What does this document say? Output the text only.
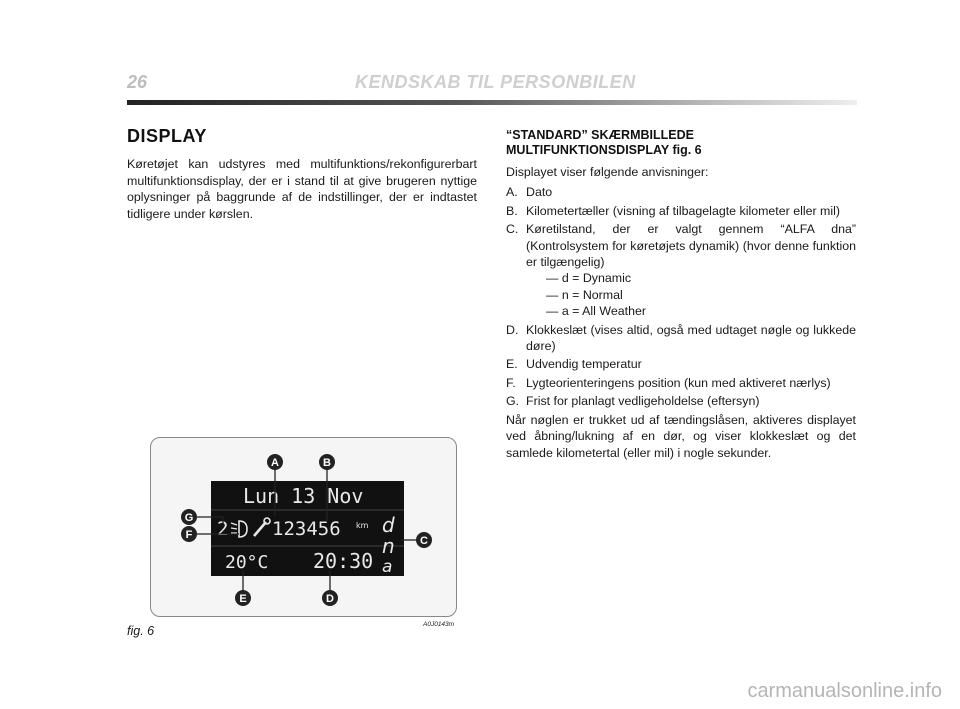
26	KENDSKAB TIL PERSONBILEN
DISPLAY

Køretøjet kan udstyres med multifunktions/rekonfigurerbart multifunktionsdisplay, der er i stand til at give brugeren nyttige oplysninger på baggrunde af de indstillinger, der er indtastet tidligere under kørslen.

“STANDARD” SKÆRMBILLEDE
MULTIFUNKTIONSDISPLAY fig. 6

Displayet viser følgende anvisninger:

A. Dato
B. Kilometertæller (visning af tilbagelagte kilometer eller mil)
C. Køretilstand, der er valgt gennem “ALFA dna” (Kontrolsystem for køretøjets dynamik) (hvor denne funktion er tilgængelig)
— d = Dynamic
— n = Normal
— a = All Weather
D. Klokkeslæt (vises altid, også med udtaget nøgle og lukkede døre)
E. Udvendig temperatur
F. Lygteorienteringens position (kun med aktiveret nærlys)
G. Frist for planlagt vedligeholdelse (eftersyn)

Når nøglen er trukket ud af tændingslåsen, aktiveres displayet ved åbning/lukning af en dør, og viser klokkeslæt og det samlede kilometertal (eller mil) i nogle sekunder.

Lun 13 Nov
2 123456 km d
n
a
20°C 20:30
A	B
C
D
E
F
G
fig. 6	A0J0143m
carmanualsonline.info
